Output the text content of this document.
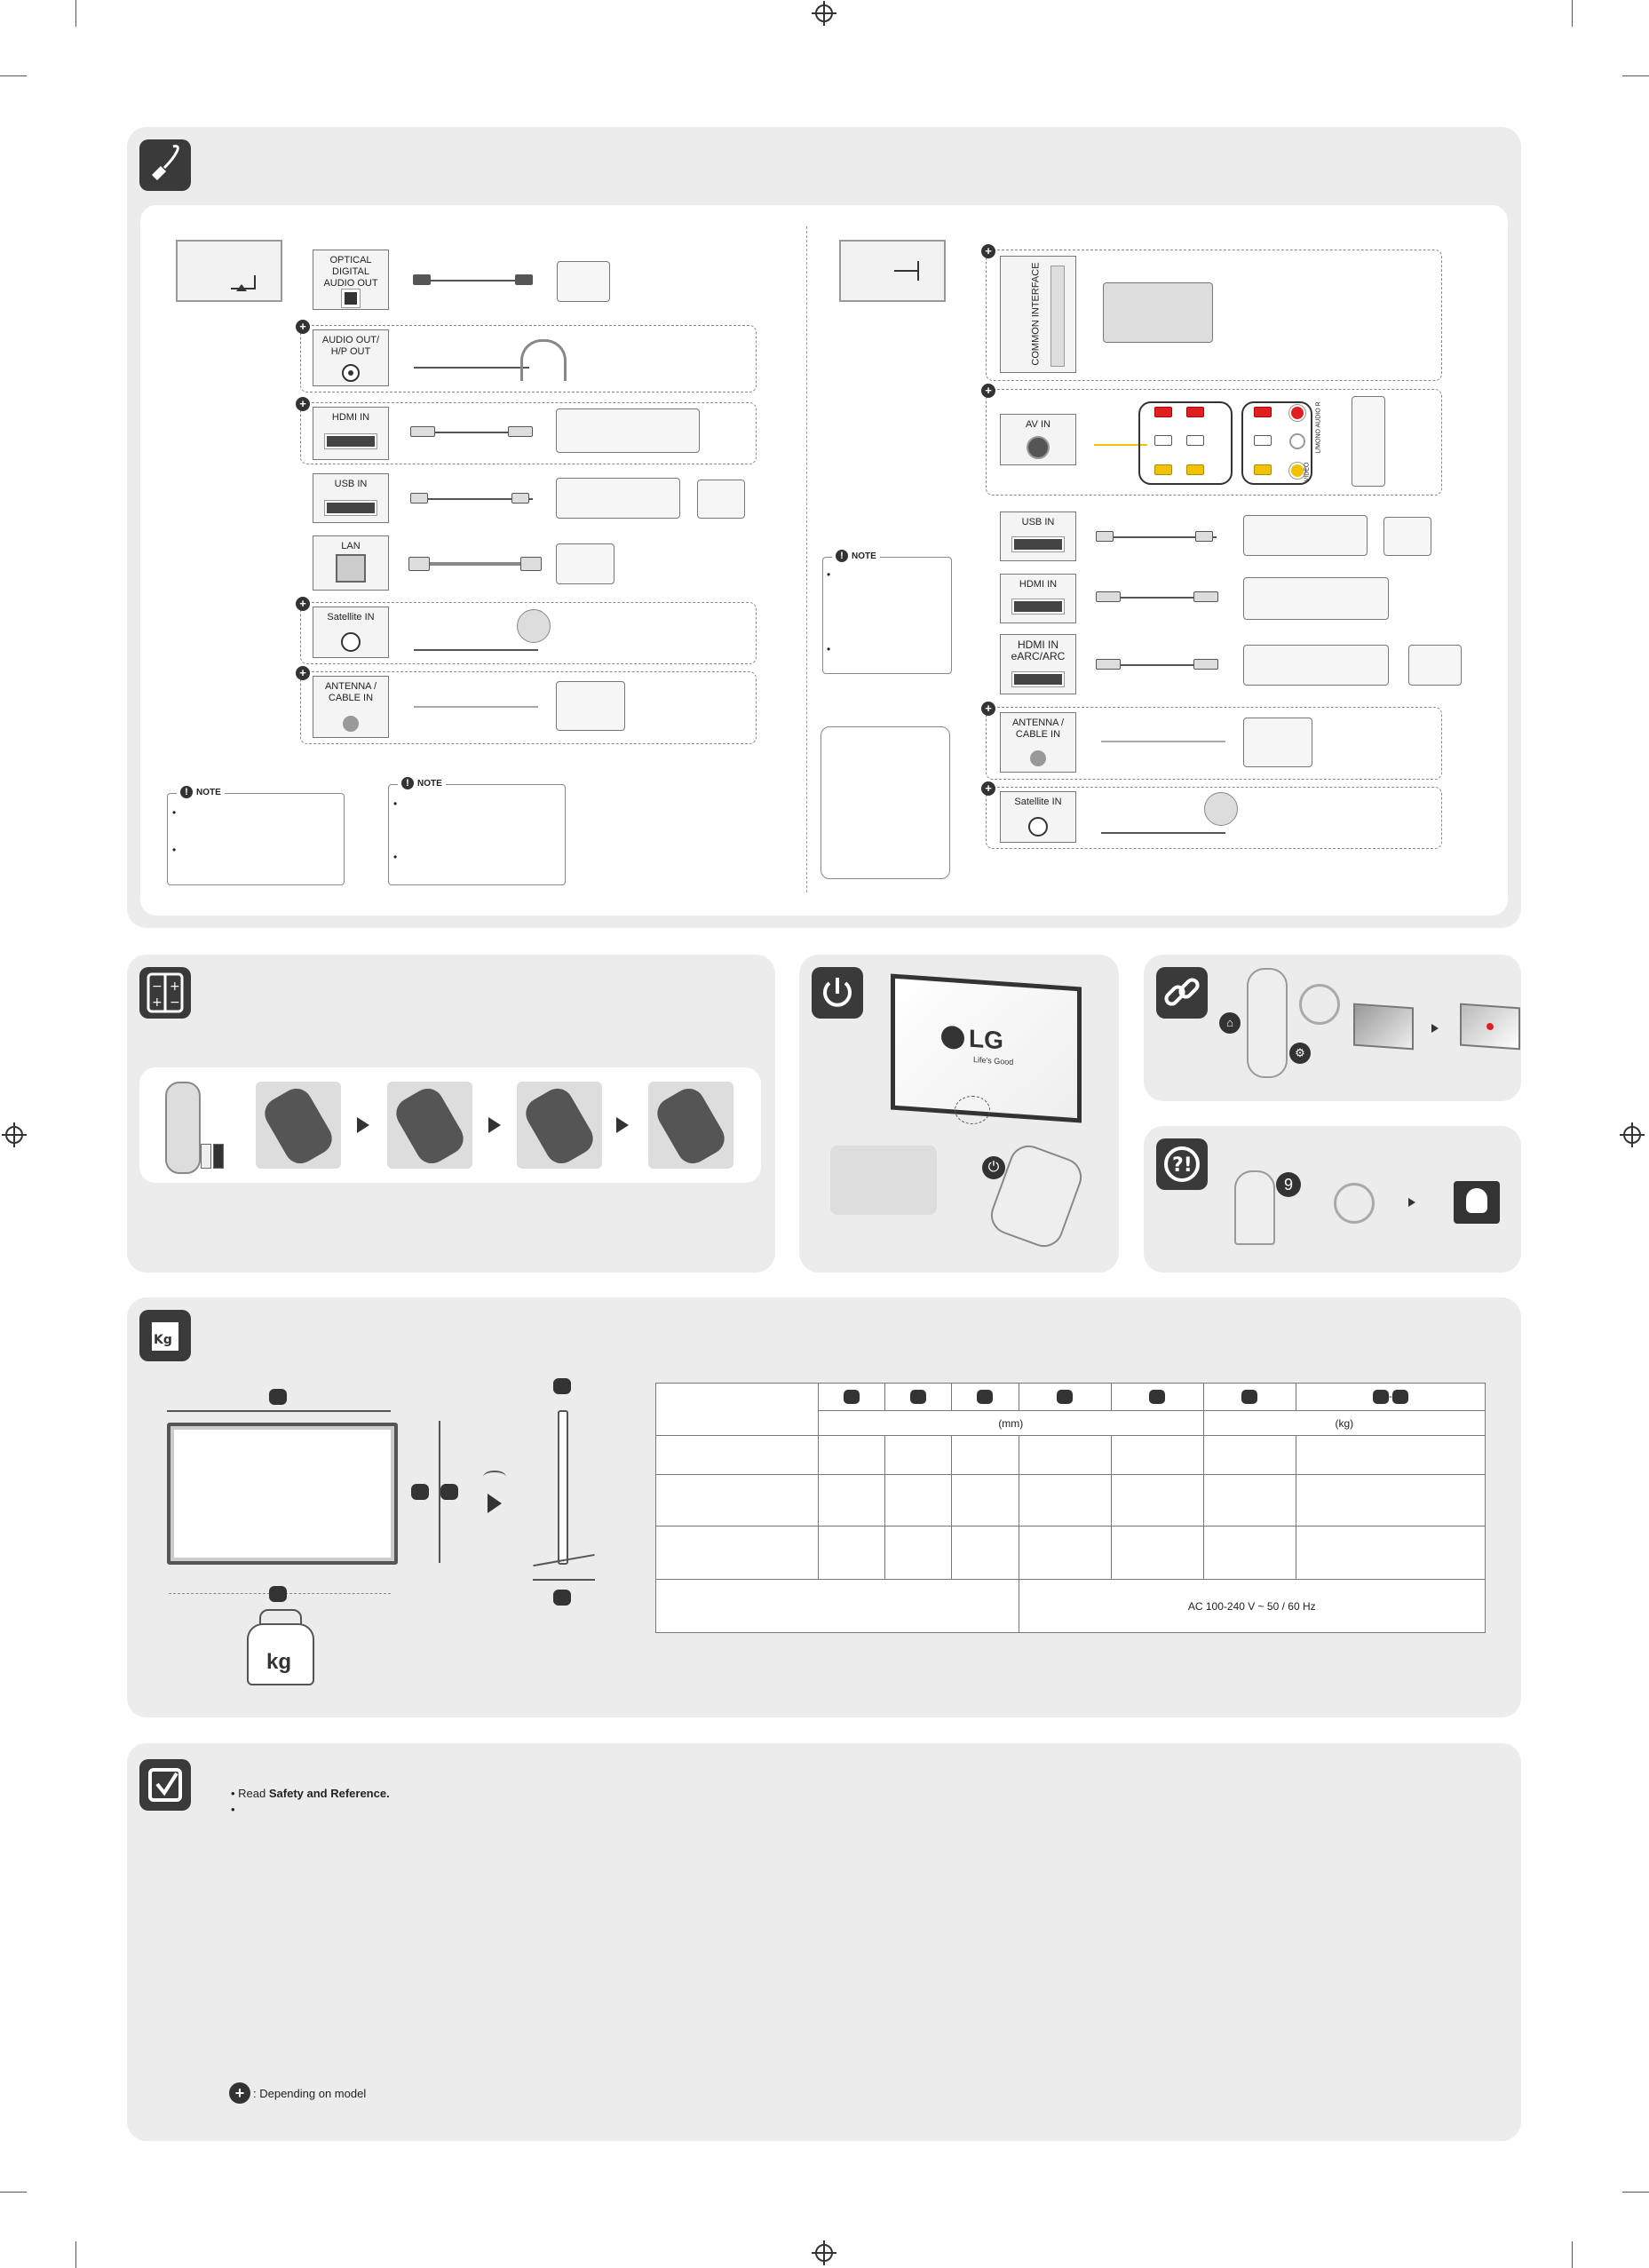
OPTICAL DIGITAL
AUDIO OUT

+
AUDIO OUT/
H/P OUT

+
HDMI IN
USB IN
LAN
+
Satellite IN
+
ANTENNA /
CABLE IN

! NOTE
•
•
! NOTE
•
•
! NOTE
•
•
+
COMMON INTERFACE
+
AV IN	L/MONO AUDIO R
VIDEO
USB IN
HDMI IN
HDMI IN
eARC/ARC

+
ANTENNA /
CABLE IN

+
Satellite IN
− +
+ −
LG
Life's Good
⏻
⌂
⚙
?!
9
Kg
kg
							-
	(mm)					(kg)	

				AC 100-240 V ~ 50 / 60 Hz			
• Read Safety and Reference.
•
+ : Depending on model
